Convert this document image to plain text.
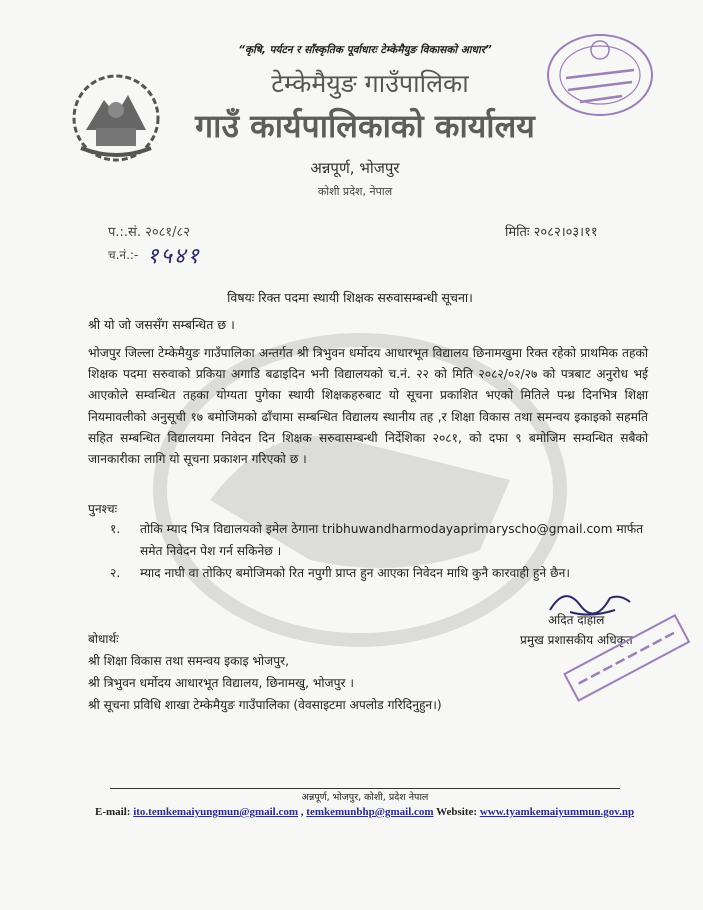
“कृषि, पर्यटन र साँस्कृतिक पूर्वाधारः टेम्केमैयुङ विकासको आधार”
टेम्केमैयुङ गाउँपालिका
गाउँ कार्यपालिकाको कार्यालय
अन्नपूर्ण, भोजपुर
कोशी प्रदेश, नेपाल
प.:.सं. २०८१/८२
च.नं.:- १५४१
मितिः २०८२।०३।११
विषयः रिक्त पदमा स्थायी शिक्षक सरुवासम्बन्धी सूचना।
श्री यो जो जससँग सम्बन्धित छ ।
भोजपुर जिल्ला टेम्केमैयुङ गाउँपालिका अन्तर्गत श्री त्रिभुवन धर्मोदय आधारभूत विद्यालय छिनामखुमा रिक्त रहेको प्राथमिक तहको शिक्षक पदमा सरुवाको प्रकिया अगाडि बढाइदिन भनी विद्यालयको च.नं. २२ को मिति २०८२/०२/२७ को पत्रबाट अनुरोध भई आएकोले सम्वन्धित तहका योग्यता पुगेका स्थायी शिक्षकहरुबाट यो सूचना प्रकाशित भएको मितिले पन्ध्र दिनभित्र शिक्षा नियमावलीको अनुसूची १७ बमोजिमको ढाँचामा सम्बन्धित विद्यालय स्थानीय तह ,र शिक्षा विकास तथा समन्वय इकाइको सहमति सहित सम्बन्धित विद्यालयमा निवेदन दिन शिक्षक सरुवासम्बन्धी निर्देशिका २०८१, को दफा ९ बमोजिम सम्वन्धित सबैको जानकारीका लागि यो सूचना प्रकाशन गरिएको छ ।
पुनश्चः
१. तोकि म्याद भित्र विद्यालयको इमेल ठेगाना tribhuwandharmodayaprimaryscho@gmail.com मार्फत समेत निवेदन पेश गर्न सकिनेछ ।
२. म्याद नाघी वा तोकिए बमोजिमको रित नपुगी प्राप्त हुन आएका निवेदन माथि कुनै कारवाही हुने छैन।
अदित दाहाल
प्रमुख प्रशासकीय अधिकृत
बोधार्थः
श्री शिक्षा विकास तथा समन्वय इकाइ भोजपुर,
श्री त्रिभुवन धर्मोदय आधारभूत विद्यालय, छिनामखु, भोजपुर ।
श्री सूचना प्रविधि शाखा टेम्केमैयुङ गाउँपालिका (वेवसाइटमा अपलोड गरिदिनुहुन।)
अन्नपूर्ण, भोजपुर, कोशी, प्रदेश नेपाल
E-mail: ito.temkemaiyungmun@gmail.com , temkemunbhp@gmail.com Website: www.tyamkemaiyummun.gov.np
